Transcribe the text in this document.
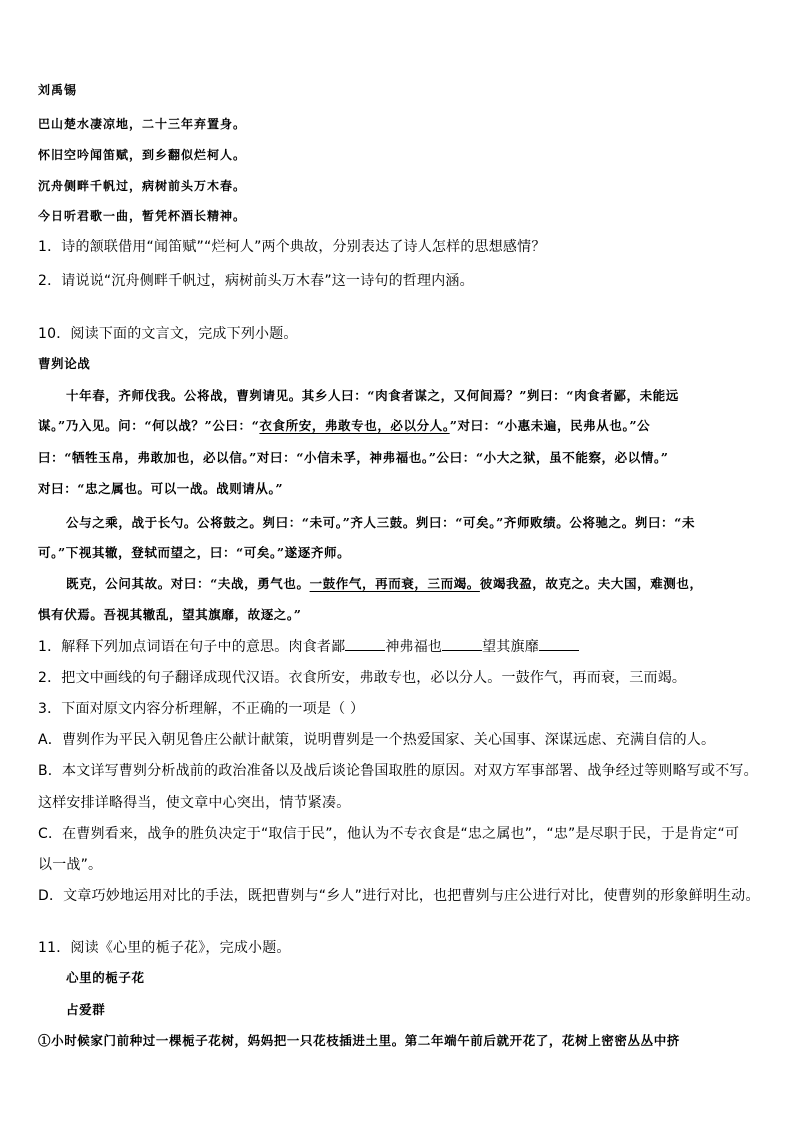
刘禹锡
巴山楚水凄凉地，二十三年弃置身。
怀旧空吟闻笛赋，到乡翻似烂柯人。
沉舟侧畔千帆过，病树前头万木春。
今日听君歌一曲，暂凭杯酒长精神。
1．诗的颔联借用“闻笛赋”“烂柯人”两个典故，分别表达了诗人怎样的思想感情？
2．请说说“沉舟侧畔千帆过，病树前头万木春”这一诗句的哲理内涵。
10．阅读下面的文言文，完成下列小题。
曹刿论战
十年春，齐师伐我。公将战，曹刿请见。其乡人曰：“肉食者谋之，又何间焉？”刿曰：“肉食者鄙，未能远
谋。”乃入见。问：“何以战？”公曰：“衣食所安，弗敢专也，必以分人。”对曰：“小惠未遍，民弗从也。”公
曰：“牺牲玉帛，弗敢加也，必以信。”对曰：“小信未孚，神弗福也。”公曰：“小大之狱，虽不能察，必以情。”
对曰：“忠之属也。可以一战。战则请从。”
公与之乘，战于长勺。公将鼓之。刿曰：“未可。”齐人三鼓。刿曰：“可矣。”齐师败绩。公将驰之。刿曰：“未
可。”下视其辙，登轼而望之，曰：“可矣。”遂逐齐师。
既克，公问其故。对曰：“夫战，勇气也。一鼓作气，再而衰，三而竭。彼竭我盈，故克之。夫大国，难测也，
惧有伏焉。吾视其辙乱，望其旗靡，故逐之。”
1．解释下列加点词语在句子中的意思。肉食者鄙	神弗福也	望其旗靡
2．把文中画线的句子翻译成现代汉语。衣食所安，弗敢专也，必以分人。一鼓作气，再而衰，三而竭。
3．下面对原文内容分析理解，不正确的一项是（ ）
A．曹刿作为平民入朝见鲁庄公献计献策，说明曹刿是一个热爱国家、关心国事、深谋远虑、充满自信的人。
B．本文详写曹刿分析战前的政治准备以及战后谈论鲁国取胜的原因。对双方军事部署、战争经过等则略写或不写。
这样安排详略得当，使文章中心突出，情节紧凑。
C．在曹刿看来，战争的胜负决定于“取信于民”，他认为不专衣食是“忠之属也”，“忠”是尽职于民，于是肯定“可
以一战”。
D．文章巧妙地运用对比的手法，既把曹刿与“乡人”进行对比，也把曹刿与庄公进行对比，使曹刿的形象鲜明生动。
11．阅读《心里的栀子花》，完成小题。
心里的栀子花
占爱群
①小时候家门前种过一棵栀子花树，妈妈把一只花枝插进土里。第二年端午前后就开花了，花树上密密丛丛中挤
